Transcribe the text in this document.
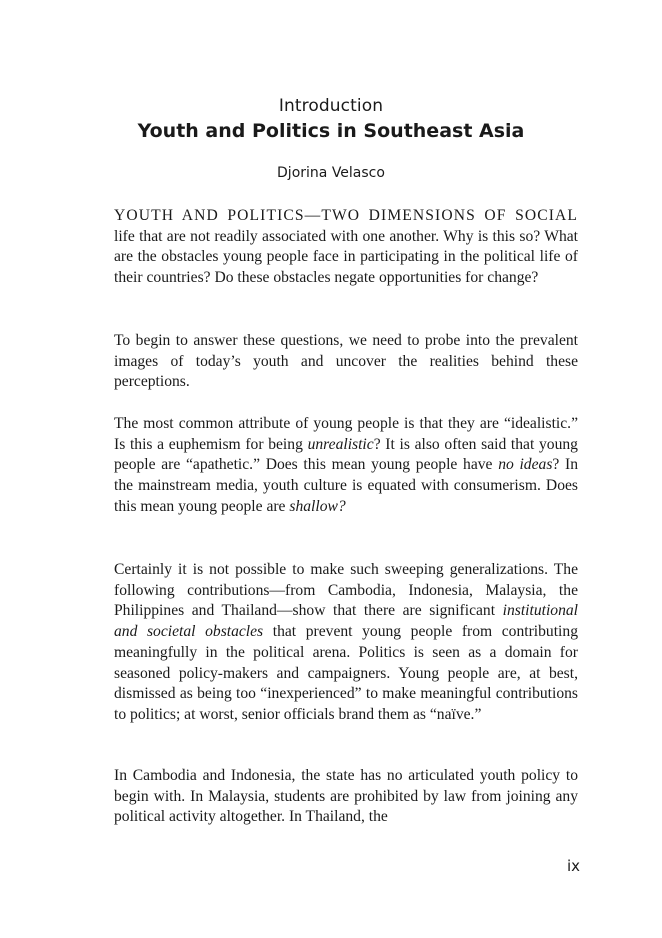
Introduction
Youth and Politics in Southeast Asia
Djorina Velasco

YOUTH AND POLITICS—TWO DIMENSIONS OF SOCIAL life that are not readily associated with one another. Why is this so? What are the obstacles young people face in participating in the political life of their countries? Do these obstacles negate opportunities for change?

To begin to answer these questions, we need to probe into the prevalent images of today’s youth and uncover the realities behind these perceptions.

The most common attribute of young people is that they are “idealistic.” Is this a euphemism for being unrealistic? It is also often said that young people are “apathetic.” Does this mean young people have no ideas? In the mainstream media, youth culture is equated with consumerism. Does this mean young people are shallow?

Certainly it is not possible to make such sweeping generalizations. The following contributions—from Cambodia, Indonesia, Malaysia, the Philippines and Thailand—show that there are significant institutional and societal obstacles that prevent young people from contributing meaningfully in the political arena. Politics is seen as a domain for seasoned policy-makers and campaigners. Young people are, at best, dismissed as being too “inexperienced” to make meaningful contributions to politics; at worst, senior officials brand them as “naïve.”

In Cambodia and Indonesia, the state has no articulated youth policy to begin with. In Malaysia, students are prohibited by law from joining any political activity altogether. In Thailand, the

ix
